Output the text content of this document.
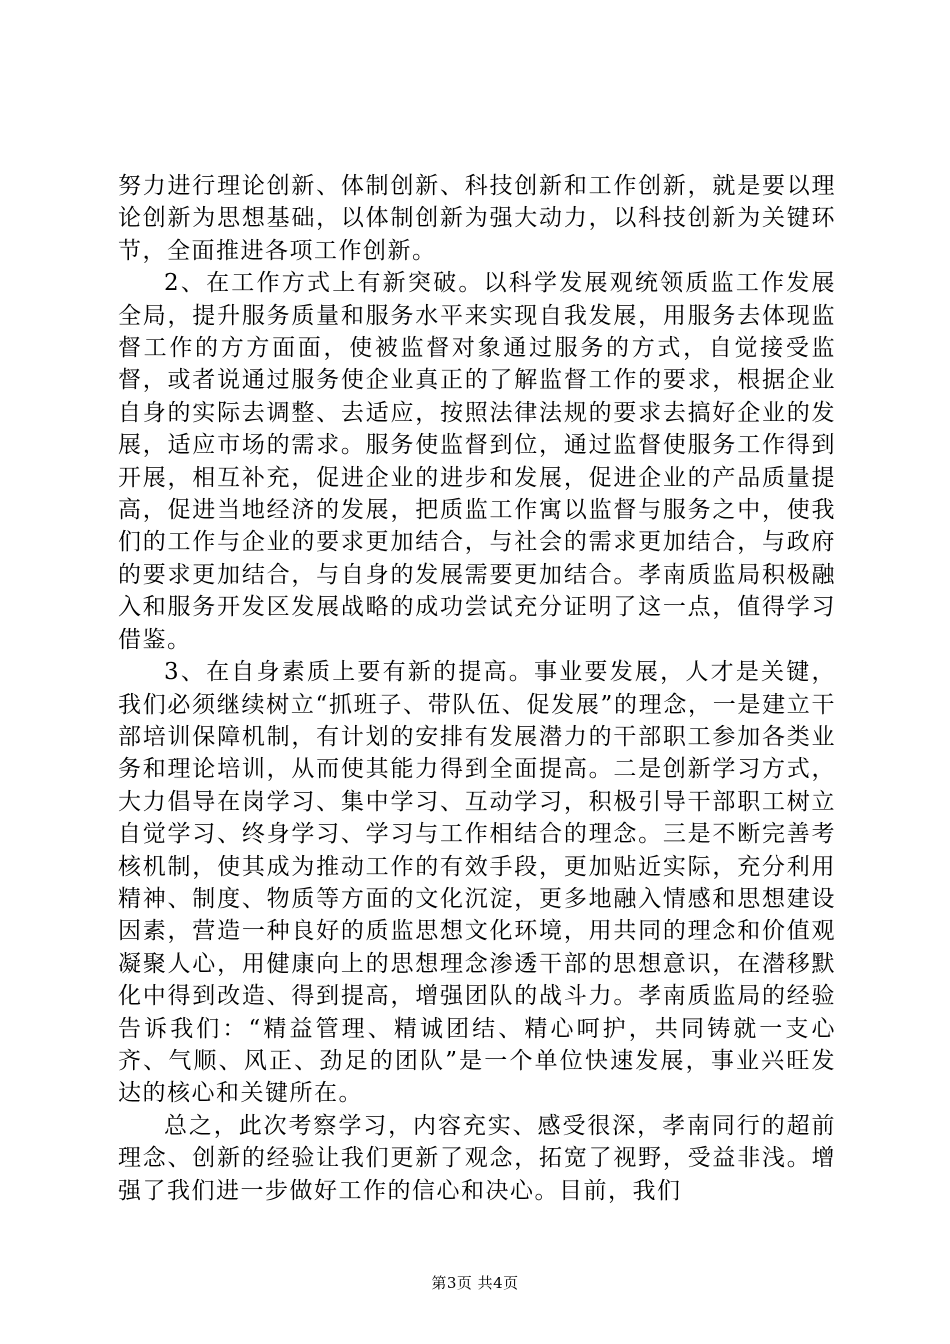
努力进行理论创新、体制创新、科技创新和工作创新，就是要以理论创新为思想基础，以体制创新为强大动力，以科技创新为关键环节，全面推进各项工作创新。

2、在工作方式上有新突破。以科学发展观统领质监工作发展全局，提升服务质量和服务水平来实现自我发展，用服务去体现监督工作的方方面面，使被监督对象通过服务的方式，自觉接受监督，或者说通过服务使企业真正的了解监督工作的要求，根据企业自身的实际去调整、去适应，按照法律法规的要求去搞好企业的发展，适应市场的需求。服务使监督到位，通过监督使服务工作得到开展，相互补充，促进企业的进步和发展，促进企业的产品质量提高，促进当地经济的发展，把质监工作寓以监督与服务之中，使我们的工作与企业的要求更加结合，与社会的需求更加结合，与政府的要求更加结合，与自身的发展需要更加结合。孝南质监局积极融入和服务开发区发展战略的成功尝试充分证明了这一点，值得学习借鉴。

3、在自身素质上要有新的提高。事业要发展，人才是关键，我们必须继续树立“抓班子、带队伍、促发展”的理念，一是建立干部培训保障机制，有计划的安排有发展潜力的干部职工参加各类业务和理论培训，从而使其能力得到全面提高。二是创新学习方式，大力倡导在岗学习、集中学习、互动学习，积极引导干部职工树立自觉学习、终身学习、学习与工作相结合的理念。三是不断完善考核机制，使其成为推动工作的有效手段，更加贴近实际，充分利用精神、制度、物质等方面的文化沉淀，更多地融入情感和思想建设因素，营造一种良好的质监思想文化环境，用共同的理念和价值观凝聚人心，用健康向上的思想理念渗透干部的思想意识，在潜移默化中得到改造、得到提高，增强团队的战斗力。孝南质监局的经验告诉我们：“精益管理、精诚团结、精心呵护，共同铸就一支心齐、气顺、风正、劲足的团队”是一个单位快速发展，事业兴旺发达的核心和关键所在。

总之，此次考察学习，内容充实、感受很深，孝南同行的超前理念、创新的经验让我们更新了观念，拓宽了视野，受益非浅。增强了我们进一步做好工作的信心和决心。目前，我们

第3页 共4页
